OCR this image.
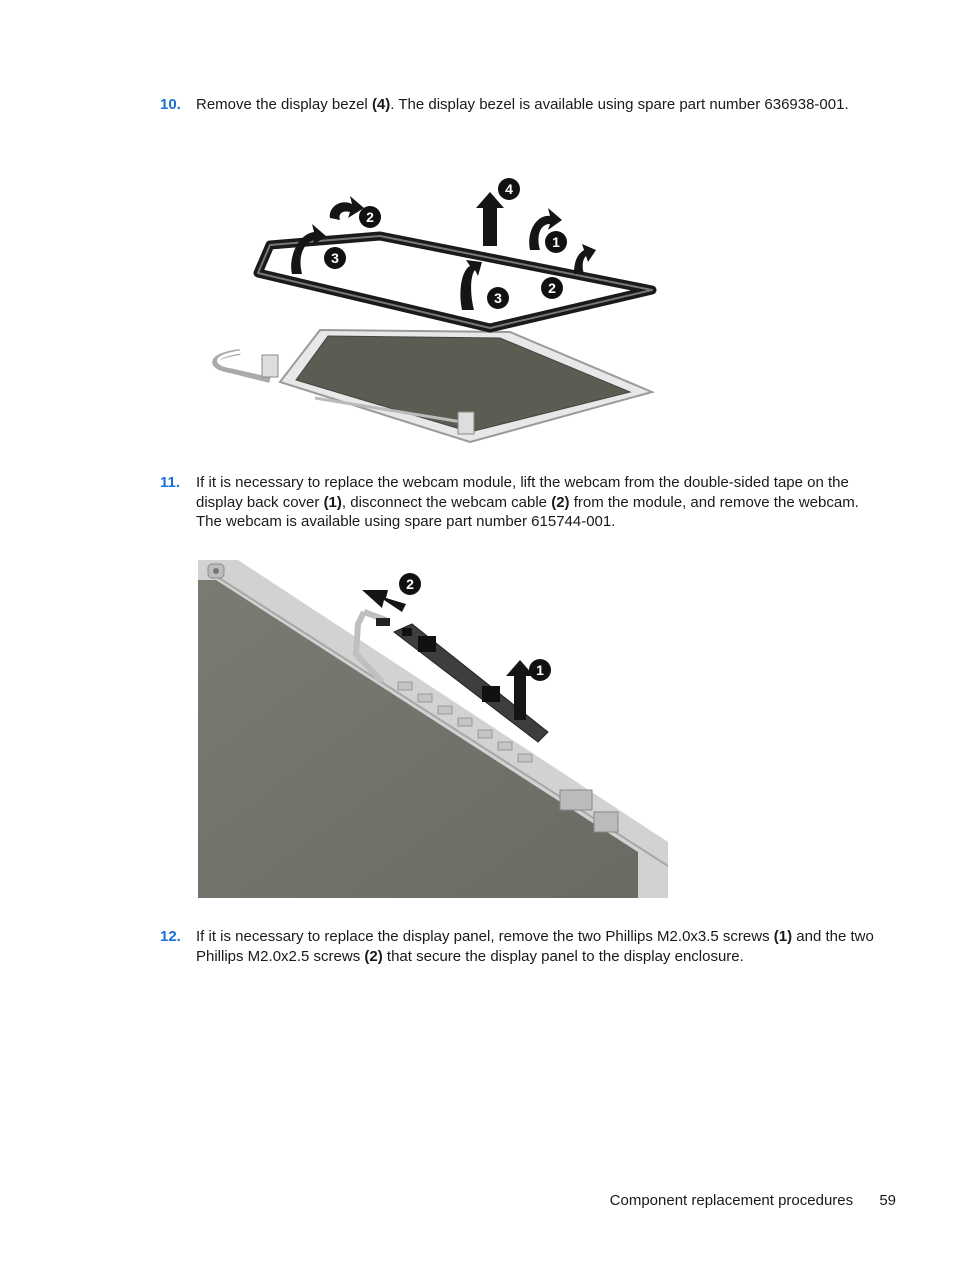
10.	Remove the display bezel (4). The display bezel is available using spare part number 636938-001.
4
2
3
1
3
2
11.	If it is necessary to replace the webcam module, lift the webcam from the double-sided tape on the display back cover (1), disconnect the webcam cable (2) from the module, and remove the webcam. The webcam is available using spare part number 615744-001.
2
1
12.	If it is necessary to replace the display panel, remove the two Phillips M2.0x3.5 screws (1) and the two Phillips M2.0x2.5 screws (2) that secure the display panel to the display enclosure.
Component replacement procedures 59
